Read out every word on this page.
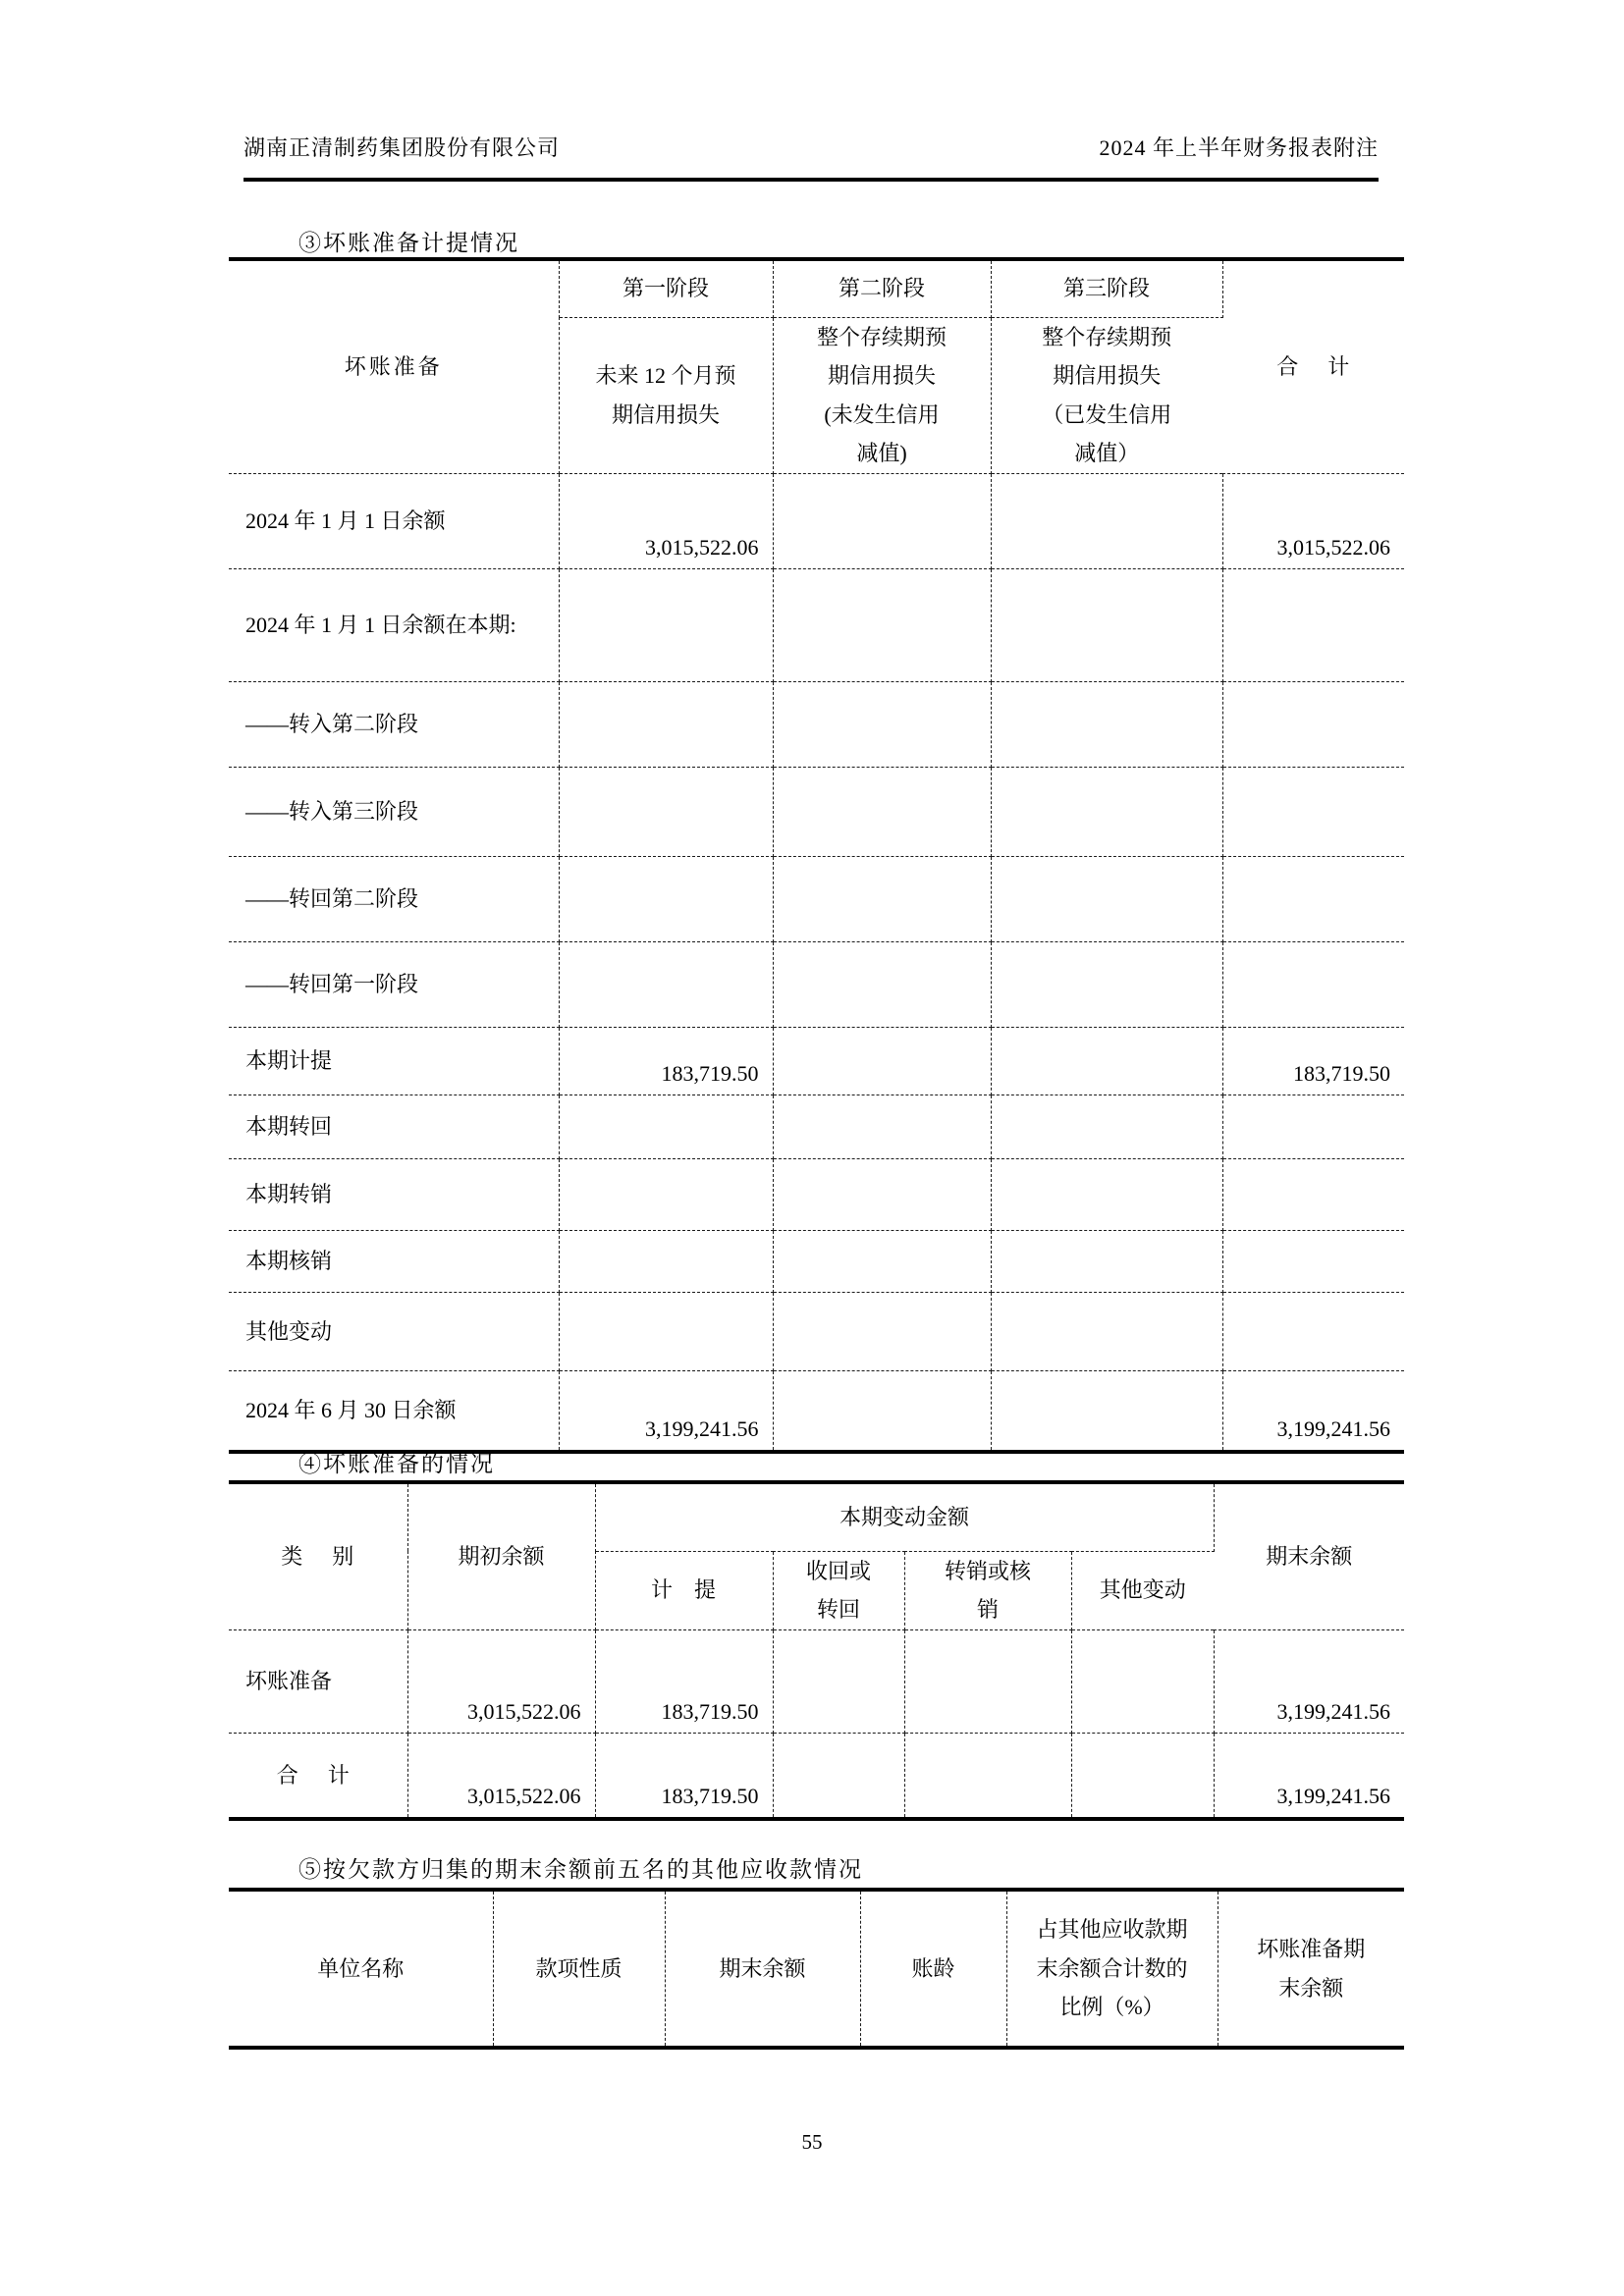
湖南正清制药集团股份有限公司	2024 年上半年财务报表附注
③坏账准备计提情况
坏账准备	第一阶段	第二阶段	第三阶段	合计
	未来 12 个月预期信用损失	整个存续期预期信用损失(未发生信用减值)	整个存续期预期信用损失（已发生信用减值）	
2024 年 1 月 1 日余额	3,015,522.06			3,015,522.06
2024 年 1 月 1 日余额在本期:				
——转入第二阶段				
——转入第三阶段				
——转回第二阶段				
——转回第一阶段				
本期计提	183,719.50			183,719.50
本期转回				
本期转销				
本期核销				
其他变动				
2024 年 6 月 30 日余额	3,199,241.56			3,199,241.56
④坏账准备的情况
类别	期初余额	本期变动金额				期末余额
		计提	收回或转回	转销或核销	其他变动	
坏账准备	3,015,522.06	183,719.50				3,199,241.56
合计	3,015,522.06	183,719.50				3,199,241.56
⑤按欠款方归集的期末余额前五名的其他应收款情况
单位名称	款项性质	期末余额	账龄	占其他应收款期末余额合计数的比例（%）	坏账准备期末余额
55
